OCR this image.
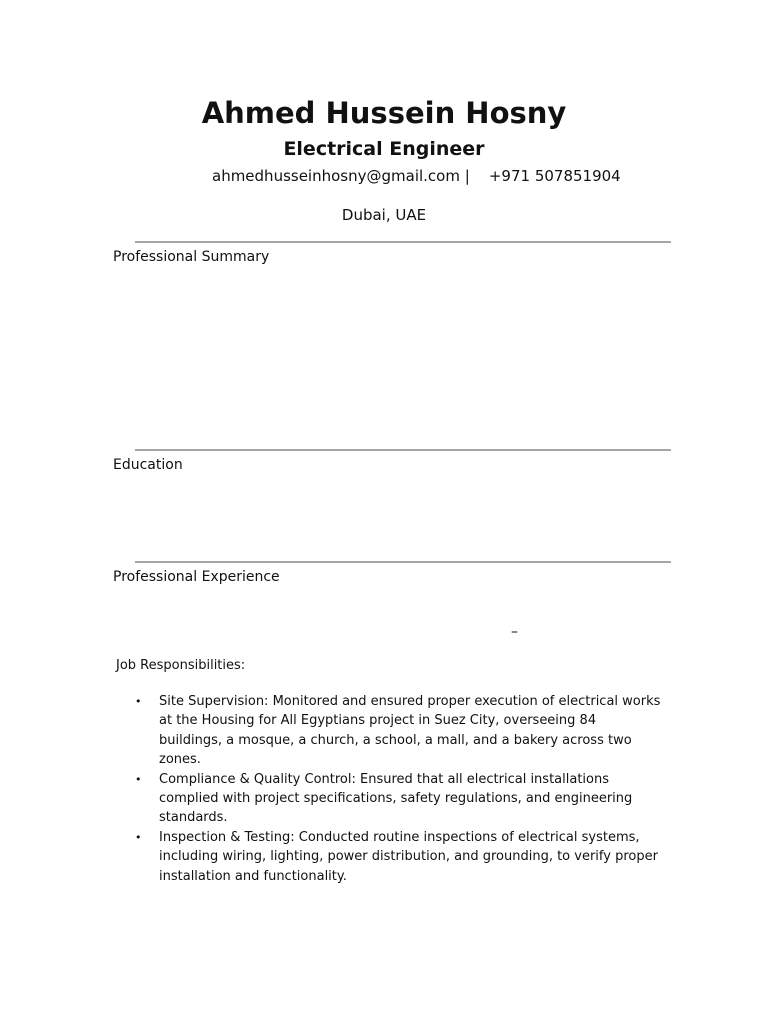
Ahmed Hussein Hosny
Electrical Engineer
ahmedhusseinhosny@gmail.com |    +971 507851904
Dubai, UAE
Professional Summary
Education
Professional Experience
–
Job Responsibilities:
• Site Supervision: Monitored and ensured proper execution of electrical works at the Housing for All Egyptians project in Suez City, overseeing 84 buildings, a mosque, a church, a school, a mall, and a bakery across two zones.
• Compliance & Quality Control: Ensured that all electrical installations complied with project specifications, safety regulations, and engineering standards.
• Inspection & Testing: Conducted routine inspections of electrical systems, including wiring, lighting, power distribution, and grounding, to verify proper installation and functionality.
